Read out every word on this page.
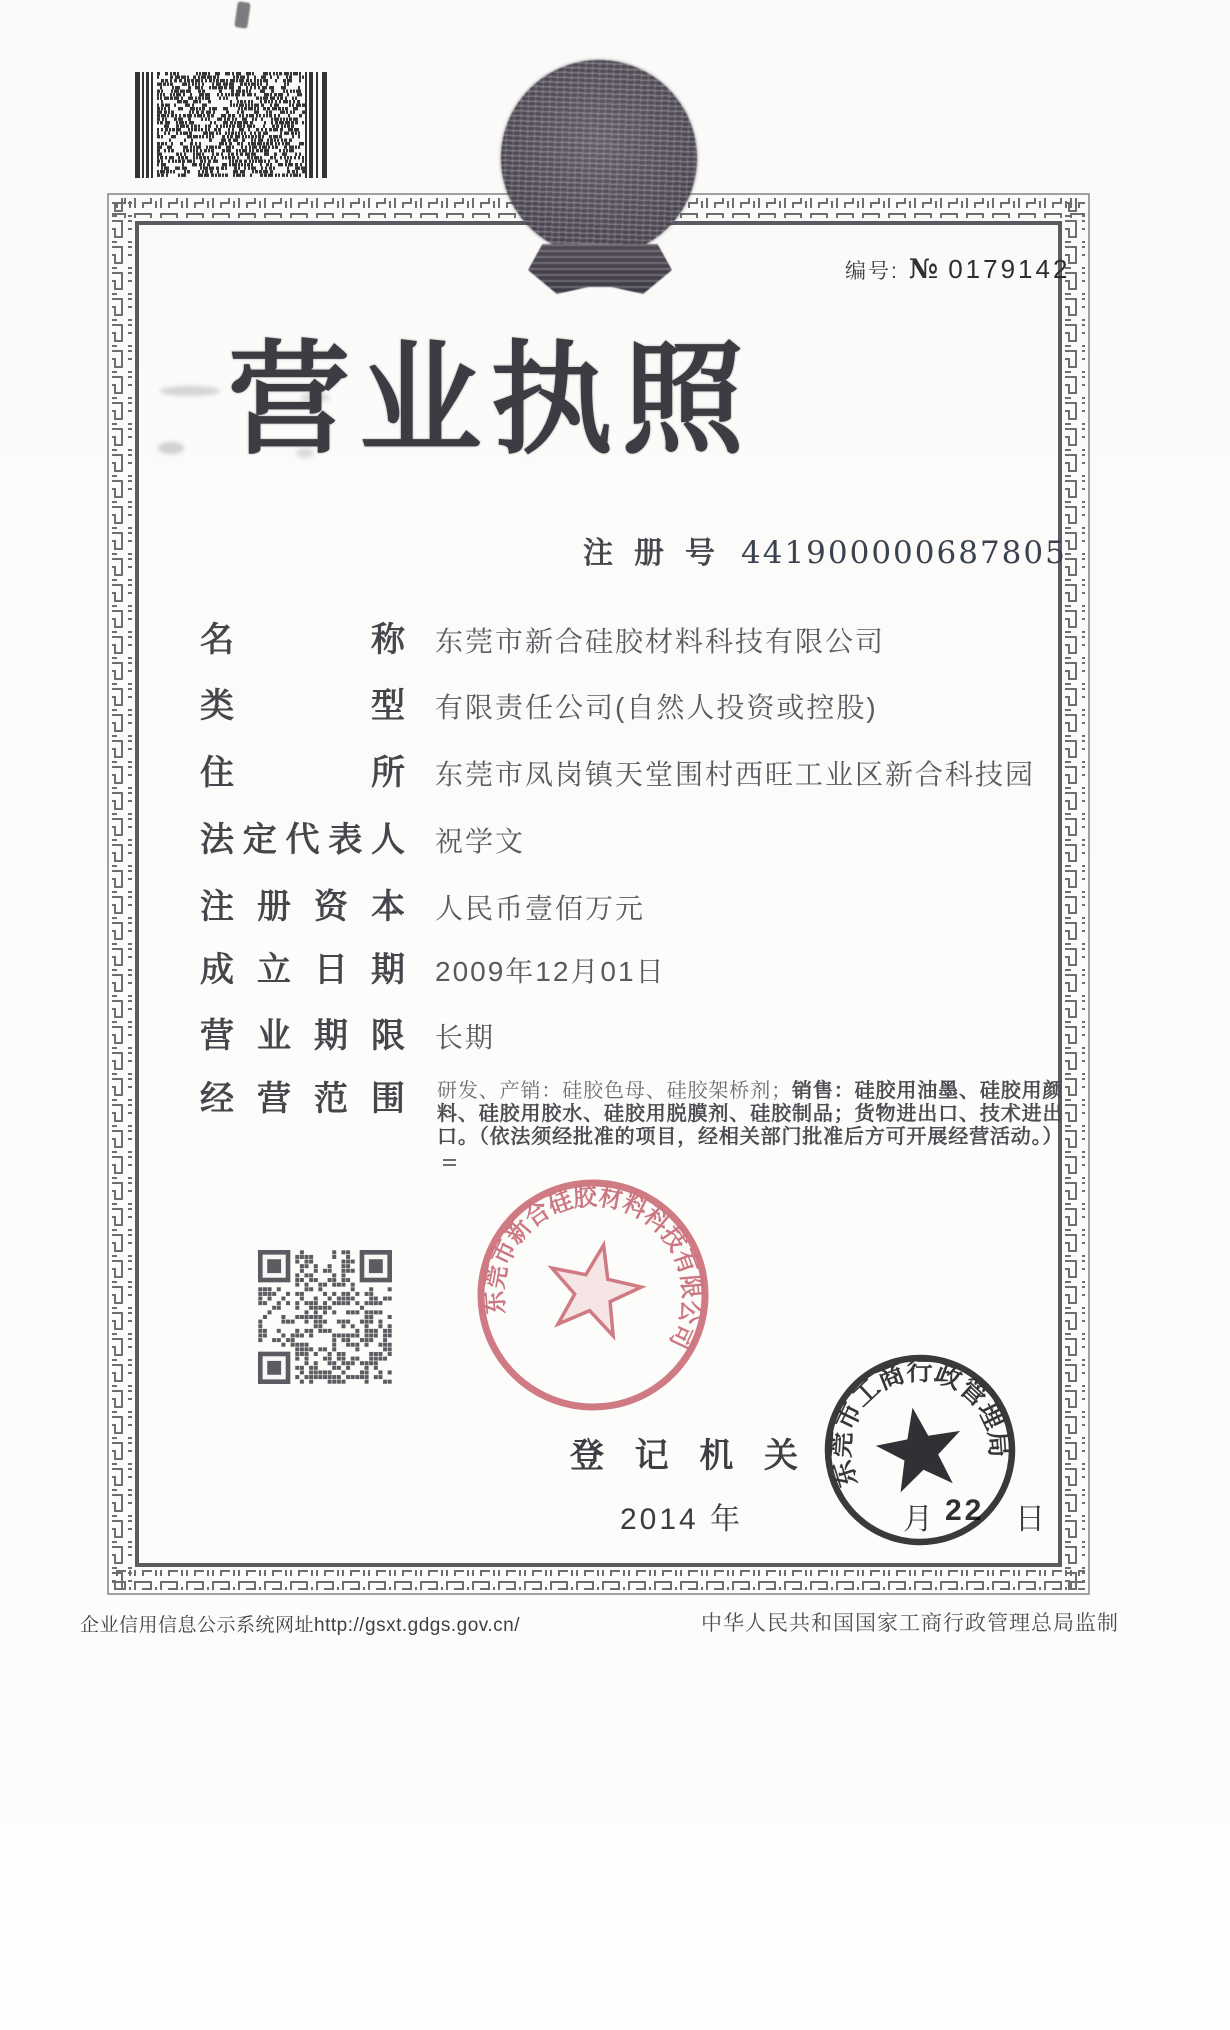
编号: № 0179142
营 业 执 照
注 册 号 441900000687805
名称 东莞市新合硅胶材料科技有限公司
类型 有限责任公司(自然人投资或控股)
住所 东莞市凤岗镇天堂围村西旺工业区新合科技园
法定代表人 祝学文
注册资本 人民币壹佰万元
成立日期 2009年12月01日
营业期限 长期
经营范围 研发、产销：硅胶色母、硅胶架桥剂；销售：硅胶用油墨、硅胶用颜料、硅胶用胶水、硅胶用脱膜剂、硅胶制品；货物进出口、技术进出口。（依法须经批准的项目，经相关部门批准后方可开展经营活动。）
东莞市新合硅胶材料科技有限公司
东莞市工商行政管理局
登 记 机 关
2014 年	月 22 日
企业信用信息公示系统网址http://gsxt.gdgs.gov.cn/	中华人民共和国国家工商行政管理总局监制
